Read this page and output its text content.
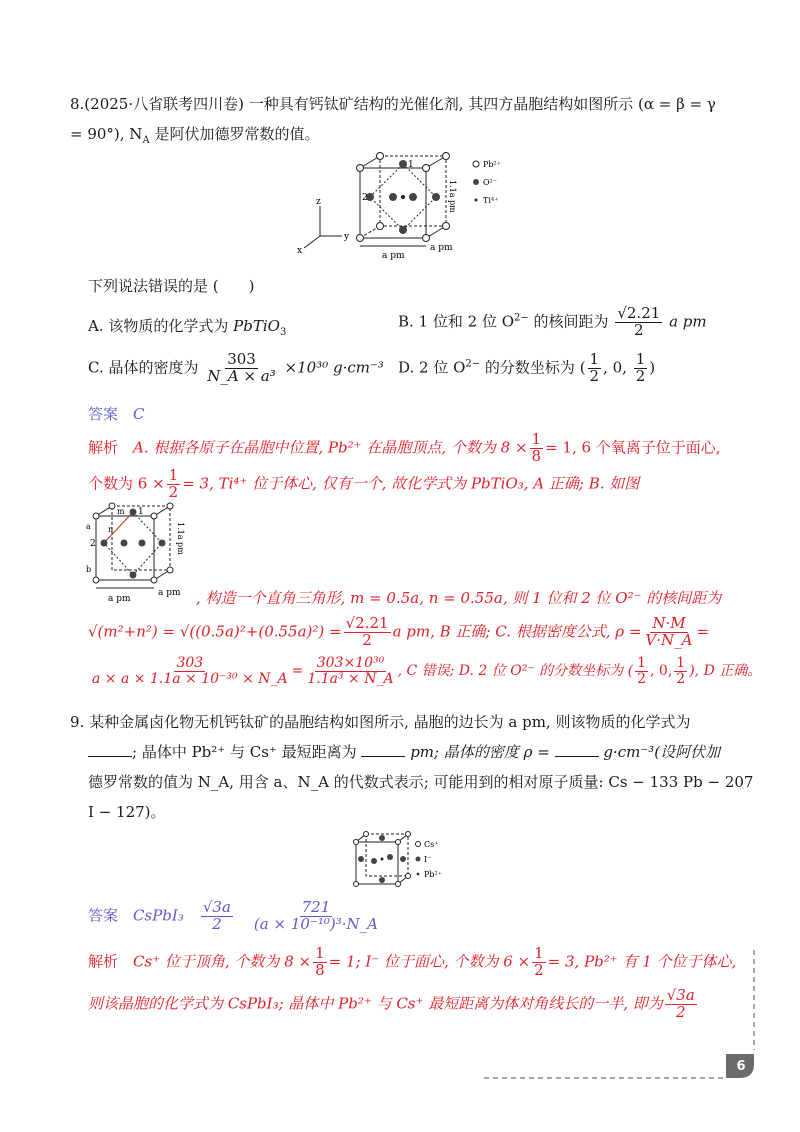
8.(2025·八省联考四川卷) 一种具有钙钛矿结构的光催化剂, 其四方晶胞结构如图所示 (α = β = γ
= 90°), $N_A$ 是阿伏加德罗常数的值。
z
y
x
1
2	1.1a pm
a pm
a pm
Pb²⁺
O²⁻
Ti⁴⁺
下列说法错误的是 (　　)
A. 该物质的化学式为 PbTiO$_3$
B. 1 位和 2 位 $O^{2-}$ 的核间距为 $\frac{√2.21}{2}$ a pm
C. 晶体的密度为 $\frac{303}{\text{N\_A × a³}} \times 10^{30}$ g·cm⁻³ D. 2 位 $O^{2-}$ 的分数坐标为 ( $\frac{1}{2}$ , 0, $\frac{1}{2}$ )
答案　 C
解析　 A. 根据各原子在晶胞中位置, Pb²⁺ 在晶胞顶点, 个数为 $8 \times \frac{1}{8} = 1$, 6 个氧离子位于面心,
个数为 $6 \times \frac{1}{2} = 3$, Ti⁴⁺ 位于体心, 仅有一个, 故化学式为 PbTiO₃, A 正确; B. 如图
m 1
a
2
n
b
1.1a pm
a pm
a pm , 构造一个直角三角形, m = 0.5a, n = 0.55a, 则 1 位和 2 位 O²⁻ 的核间距为
$√(m^2+n^2) = √((0.5a)^2+(0.55a)^2) = \frac{√2.21}{2}$ a pm, B 正确; C. 根据密度公式, $\rho = \frac{N\cdot M}{V\cdot N\_A}$ =
$\frac{303}{\text{a × a × 1.1a × 10⁻³⁰ × N\_A}} = \frac{\text{303×10³⁰}}{\text{1.1a³ × N\_A}}$ , C 错误; D. 2 位 O²⁻ 的分数坐标为 ( $\frac{1}{2}$ , 0, $\frac{1}{2}$ ), D 正确。
9. 某种金属卤化物无机钙钛矿的晶胞结构如图所示, 晶胞的边长为 a pm, 则该物质的化学式为
; 晶体中 Pb²⁺ 与 Cs⁺ 最短距离为	pm; 晶体的密度 ρ =	g·cm⁻³(设阿伏加
德罗常数的值为 N_A, 用含 a、N_A 的代数式表示; 可能用到的相对原子质量: Cs − 133 Pb − 207
I − 127)。
Cs⁺
I⁻
Pb²⁺
答案　 CsPbI₃　 $\frac{√3a}{2}$
　 $\frac{721}{\text{(a × 10⁻¹⁰)³·N\_A}}$
解析　 Cs⁺ 位于顶角, 个数为 $8 \times \frac{1}{8} = 1$; I⁻ 位于面心, 个数为 $6 \times \frac{1}{2} = 3$, Pb²⁺ 有 1 个位于体心,
则该晶胞的化学式为 CsPbI₃; 晶体中 Pb²⁺ 与 Cs⁺ 最短距离为体对角线长的一半, 即为 $\frac{√3a}{2}$
6
